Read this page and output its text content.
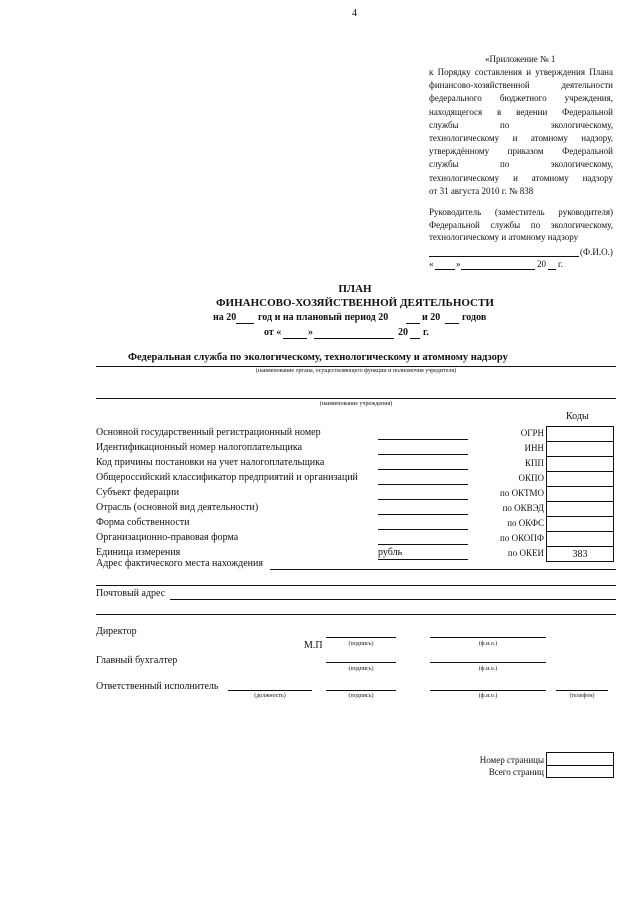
4
«Приложение № 1
к Порядку составления и утверждения Плана
финансово-хозяйственной деятельности
федерального бюджетного учреждения,
находящегося в ведении Федеральной
службы по экологическому,
технологическому и атомному надзору,
утверждённому приказом Федеральной
службы по экологическому,
технологическому и атомному надзору
от 31 августа 2010 г. № 838
Руководитель (заместитель руководителя)
Федеральной службы по экологическому,
технологическому и атомному надзору
(Ф.И.О.)
«	»	20 г.
ПЛАН
ФИНАНСОВО-ХОЗЯЙСТВЕННОЙ ДЕЯТЕЛЬНОСТИ
на 20 год и на плановый период 20	и 20 годов
от «	»	20 г.
Федеральная служба по экологическому, технологическому и атомному надзору
(наименование органа, осуществляющего функции и полномочия учредителя)
(наименование учреждения)
Коды
Основной государственный регистрационный номер	ОГРН
Идентификационный номер налогоплательщика	ИНН
Код причины постановки на учет налогоплательщика	КПП
Общероссийский классификатор предприятий и организаций	ОКПО
Субъект федерации	по ОКТМО
Отрасль (основной вид деятельности)	по ОКВЭД
Форма собственности	по ОКФС
Организационно-правовая форма	по ОКОПФ
Единица измерения	рубль	по ОКЕИ	383
Адрес фактического места нахождения
Почтовый адрес
Директор
М.П	(подпись)	(ф.и.о.)
Главный бухгалтер
(подпись)	(ф.и.о.)
Ответственный исполнитель
(должность)	(подпись)	(ф.и.о.)	(телефон)
Номер страницы
Всего страниц
